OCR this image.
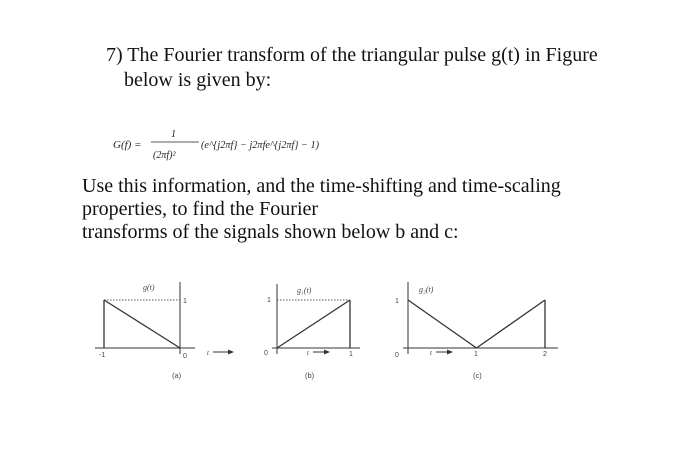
7) The Fourier transform of the triangular pulse g(t) in Figure
below is given by:
G(f) =
1
(2πf)²
(e^{j2πf} − j2πfe^{j2πf} − 1)
Use this information, and the time-shifting and time-scaling
properties, to find the Fourier
transforms of the signals shown below b and c:
g(t)
1
-1	0	t
(a)
g₁(t)
1
0	1
t
(b)
g₂(t)
1
0	1	2
t
(c)
